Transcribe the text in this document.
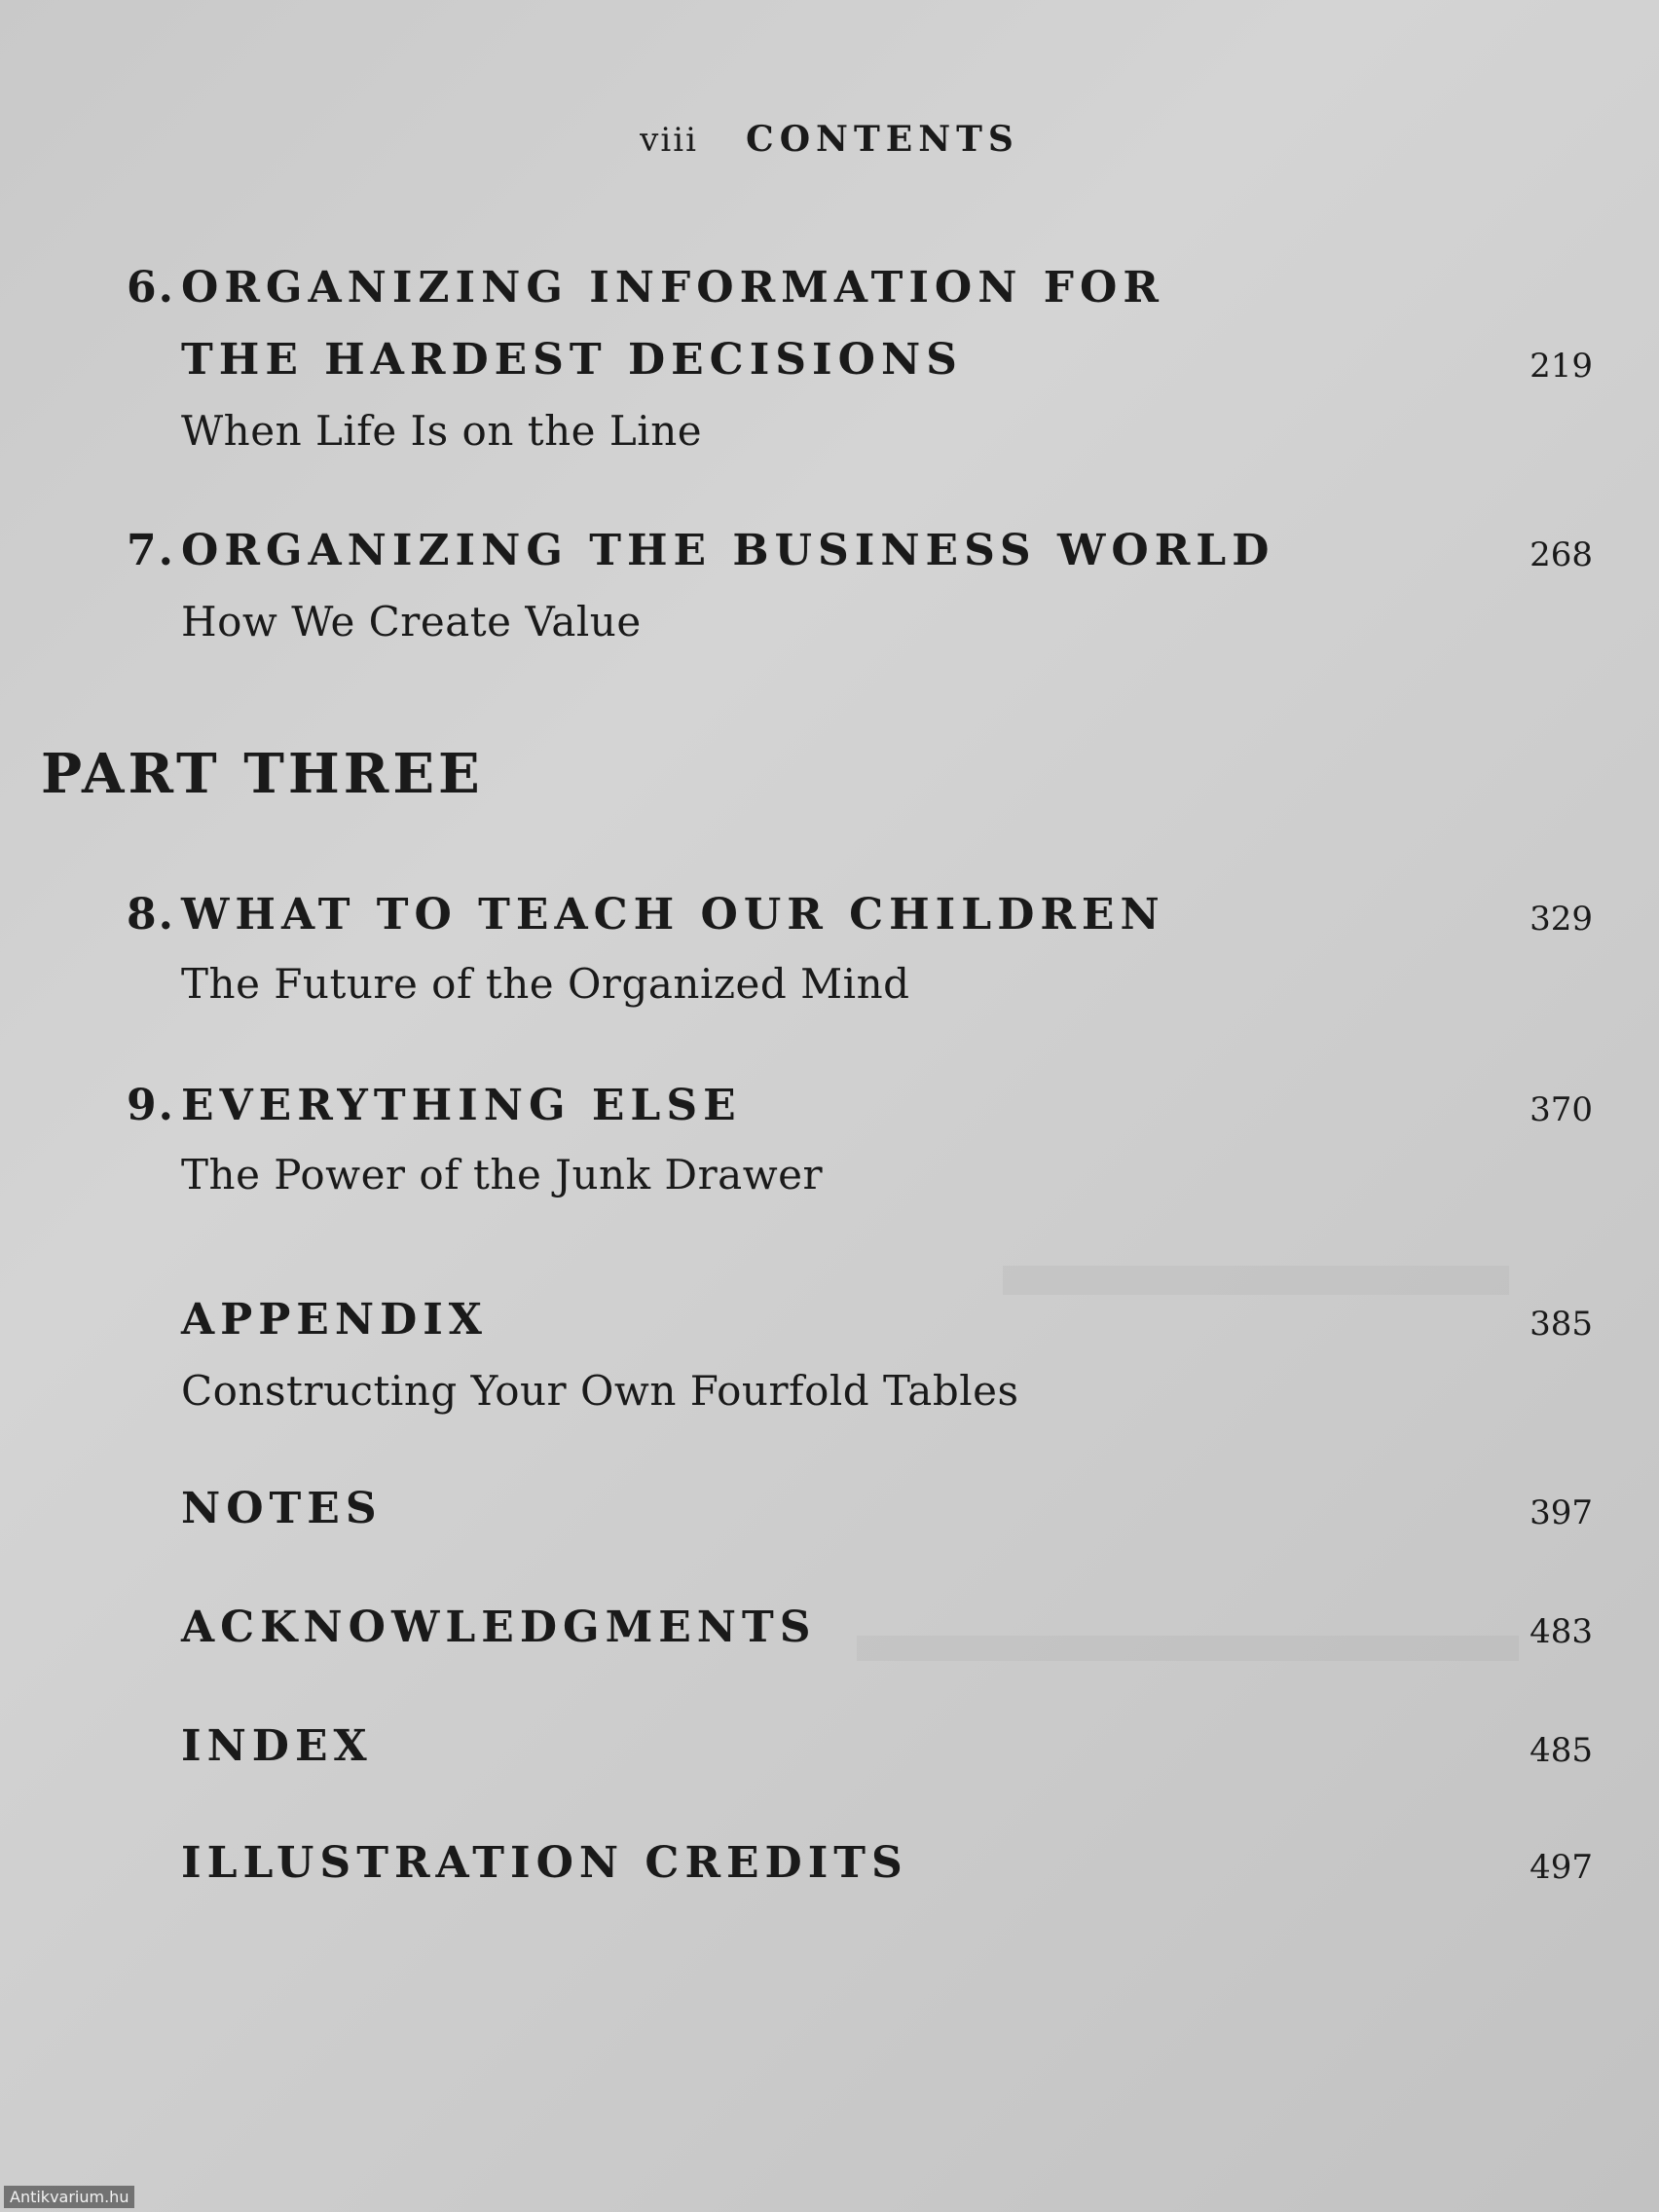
viii CONTENTS
6. ORGANIZING INFORMATION FOR
THE HARDEST DECISIONS	219
When Life Is on the Line
7. ORGANIZING THE BUSINESS WORLD	268
How We Create Value
PART THREE
8. WHAT TO TEACH OUR CHILDREN	329
The Future of the Organized Mind
9. EVERYTHING ELSE	370
The Power of the Junk Drawer
APPENDIX	385
Constructing Your Own Fourfold Tables
NOTES	397
ACKNOWLEDGMENTS	483
INDEX	485
ILLUSTRATION CREDITS	497
Antikvarium.hu
